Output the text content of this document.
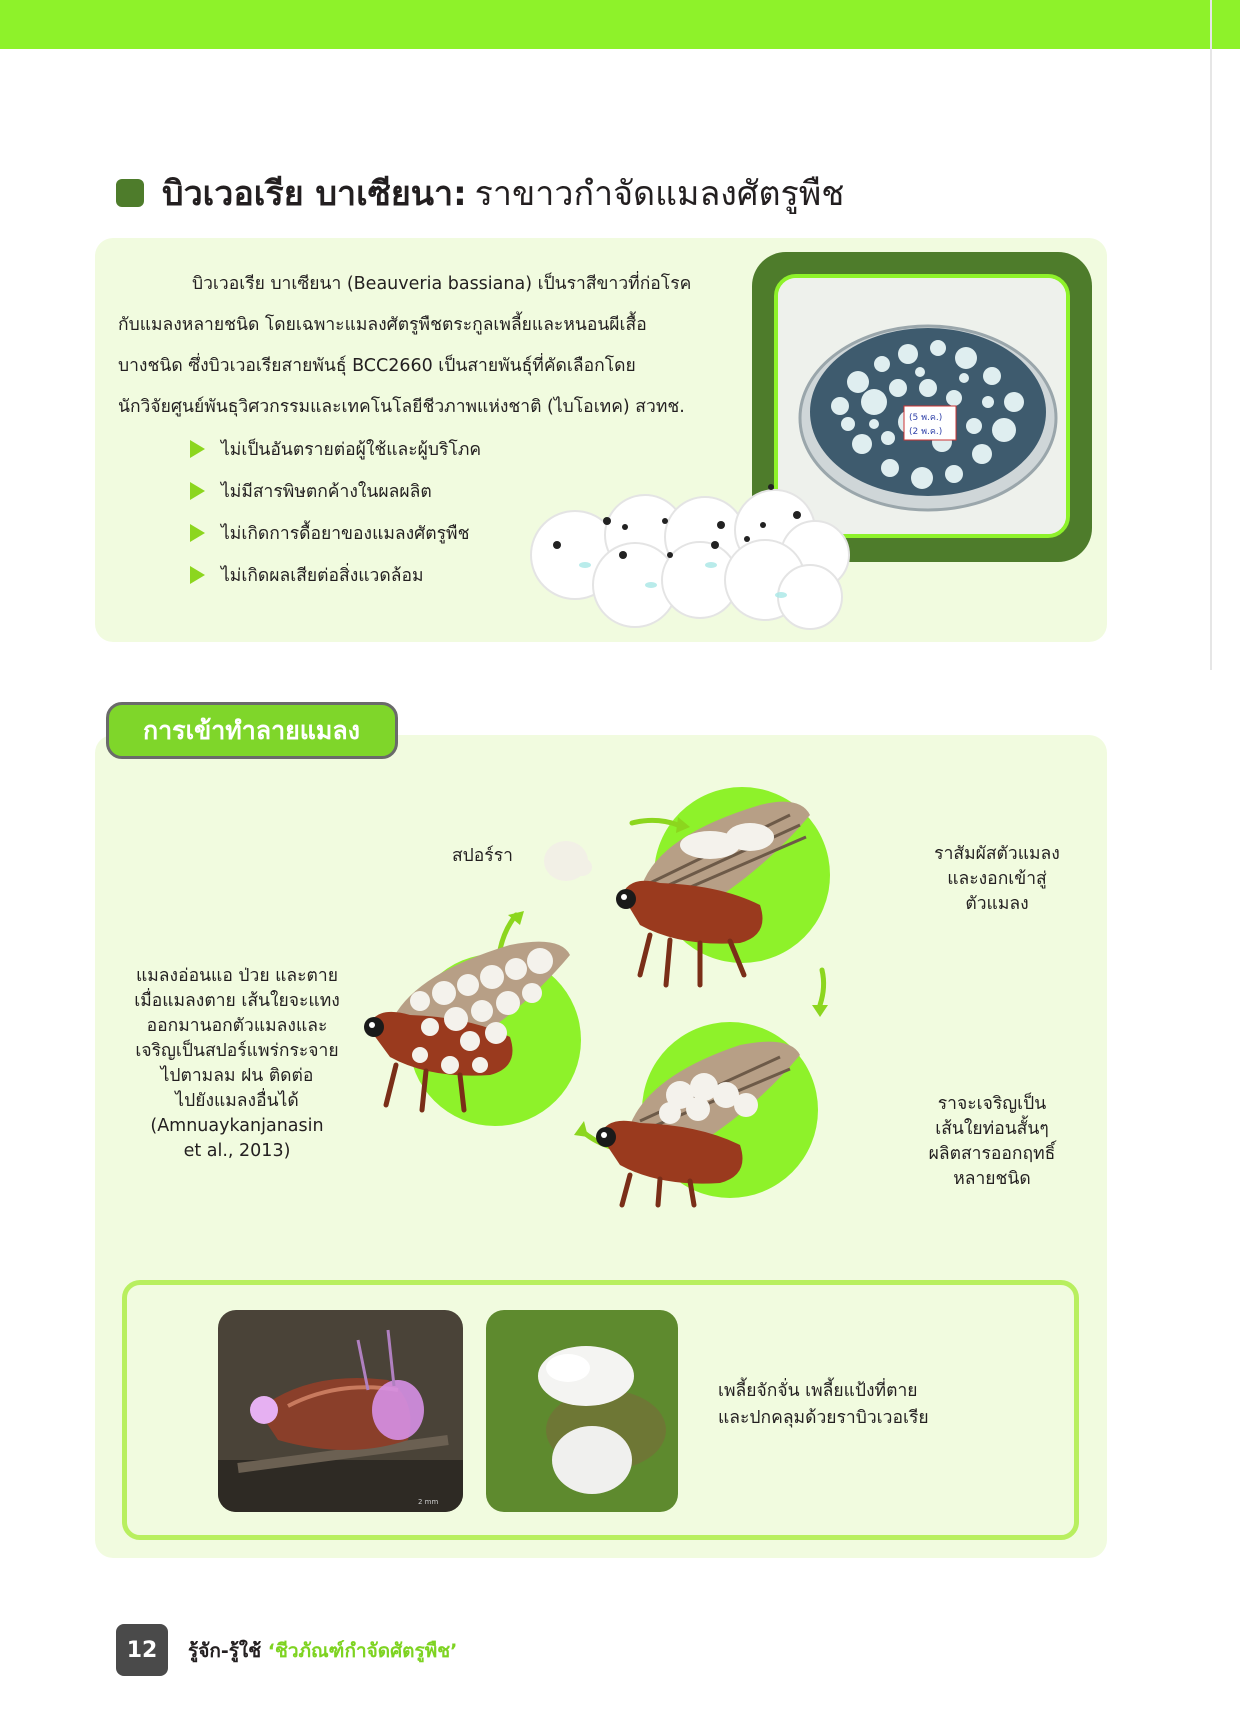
บิวเวอเรีย บาเซียนา: ราขาวกำจัดแมลงศัตรูพืช
บิวเวอเรีย บาเซียนา (Beauveria bassiana) เป็นราสีขาวที่ก่อโรค
กับแมลงหลายชนิด โดยเฉพาะแมลงศัตรูพืชตระกูลเพลี้ยและหนอนผีเสื้อ
บางชนิด ซึ่งบิวเวอเรียสายพันธุ์ BCC2660 เป็นสายพันธุ์ที่คัดเลือกโดย
นักวิจัยศูนย์พันธุวิศวกรรมและเทคโนโลยีชีวภาพแห่งชาติ (ไบโอเทค) สวทช.
ไม่เป็นอันตรายต่อผู้ใช้และผู้บริโภค
ไม่มีสารพิษตกค้างในผลผลิต
ไม่เกิดการดื้อยาของแมลงศัตรูพืช
ไม่เกิดผลเสียต่อสิ่งแวดล้อม
(5 พ.ค.)
(2 พ.ค.)
การเข้าทำลายแมลง
สปอร์รา	ราสัมผัสตัวแมลง
และงอกเข้าสู่
ตัวแมลง
ราจะเจริญเป็น
เส้นใยท่อนสั้นๆ
ผลิตสารออกฤทธิ์
หลายชนิด
แมลงอ่อนแอ ป่วย และตาย
เมื่อแมลงตาย เส้นใยจะแทง
ออกมานอกตัวแมลงและ
เจริญเป็นสปอร์แพร่กระจาย
ไปตามลม ฝน ติดต่อ
ไปยังแมลงอื่นได้
(Amnuaykanjanasin
et al., 2013)
2 mm
เพลี้ยจักจั่น เพลี้ยแป้งที่ตาย
และปกคลุมด้วยราบิวเวอเรีย
12	รู้จัก-รู้ใช้ ‘ชีวภัณฑ์กำจัดศัตรูพืช’
